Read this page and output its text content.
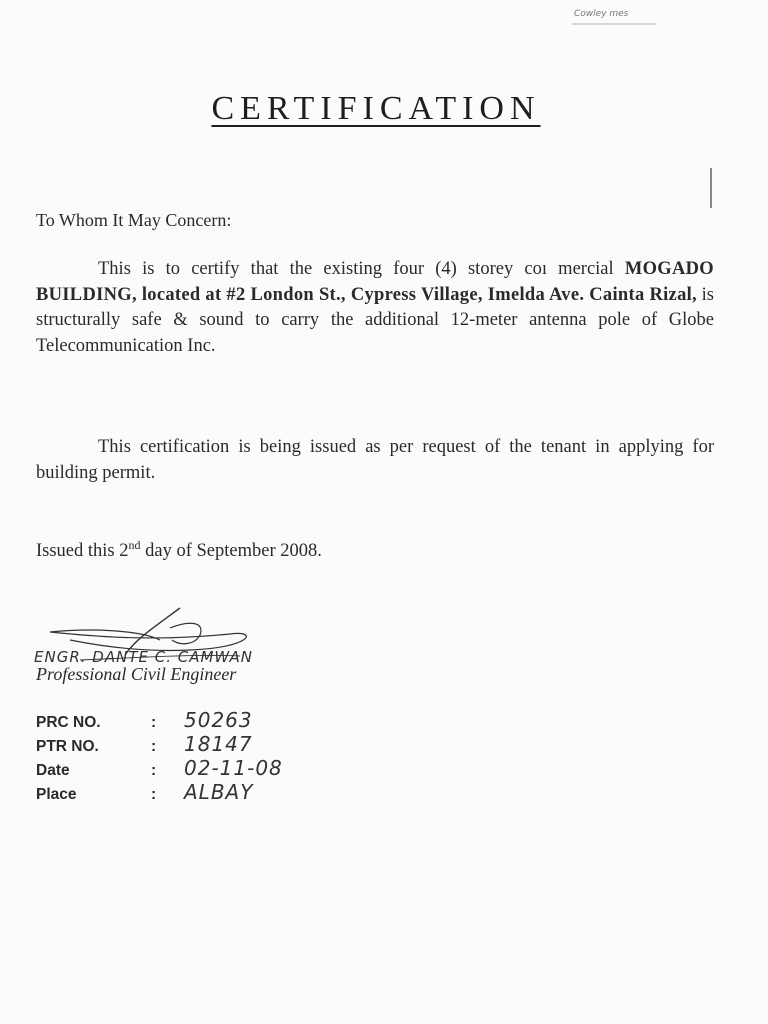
Cowley mes
CERTIFICATION
To Whom It May Concern:
This is to certify that the existing four (4) storey coı mercial MOGADO BUILDING, located at #2 London St., Cypress Village, Imelda Ave. Cainta Rizal, is structurally safe & sound to carry the additional 12-meter antenna pole of Globe Telecommunication Inc.
This certification is being issued as per request of the tenant in applying for building permit.
Issued this 2nd day of September 2008.
ENGR. DANTE C. CAMWAN
Professional Civil Engineer
PRC NO.	: 50263
PTR NO.	: 18147
Date	: 02-11-08
Place	: ALBAY
